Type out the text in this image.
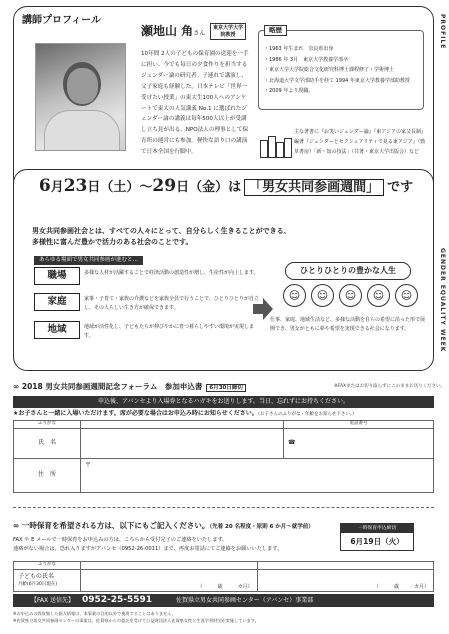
PROFILE
講師プロフィール
瀬地山 角さん
東京大学大学院教授
10年間 2人の子どもの保育園の送迎を一手に担い、今でも毎日の夕食作りを担当するジェンダー論の研究者。子連れで講演し、父子家庭も経験した。日本テレビ「世界一受けたい授業」の東大生100人へのアンケートで東大の人気講義 No.1 に選ばれたジェンダー論の講義は毎年500人以上が受講し立ち見が出る。NPO法人の理事として保育所の運営にも参加。軽快な語り口の講演で日本全国を行脚中。
略歴
・1963 年生まれ　奈良県出身
・1986 年 3月　東京大学教養学部卒
・東京大学大学院総合文化研究科博士課程修了・学術博士
・北海道大学文学部助手を経て 1994 年東京大学教養学部助教授
・2009 年より現職。
主な著書に『お笑いジェンダー論』『東アジアの家父長制』編著『ジェンダーとセクシュアリティで見る東アジア』（勁草書房）「新・知の技法」（共著・東京大学出版会）など
GENDER EQUALITY WEEK
6月23日（土）〜29日（金）は 「男女共同参画週間」 です
男女共同参画社会とは、すべての人々にとって、自分らしく生きることができる、
多様性に富んだ豊かで活力のある社会のことです。
あらゆる場面で男女共同参画が進むと…
職場	多様な人材が活躍することで経済活動の創造性が増し、生産性が向上します。
家庭	家事・子育て・家族の介護などを家族全員で行うことで、ひとりひとりが自立し、その人らしい生き方が確保できます。
地域	地域が活性化し、子どもたちが伸びやかに育つ暮らしやすい環境が実現します。
ひとりひとりの豊かな人生
☺	☺	☺	☺	☺
仕事、家庭、地域生活など、多様な活動を自らの希望に沿った形で展開でき、男女がともに夢や希望を実現できる社会になります。
∞ 2018 男女共同参画週間記念フォーラム　参加申込書 6月30日締切	※FAXまたはお切り取らずにこのままお送りください。
申込後、アバンセより入場券となるハガキをお送りします。当日、忘れずにお持ちください。
★お子さんと一緒に入場いただけます。席が必要な場合はお申込み時にお知らせください。（お子さんのふりがな・年齢をお知らせ下さい。）
ふりがな		電話番号
氏　名		☎
住　所	〒	
∞ 一時保育を希望される方は、以下にもご記入ください。（先着 20 名程度・原則 6 か月〜就学前）
FAX や E メールで一時保育をお申込みの方は、こちらから受付完了のご連絡をいたします。
連絡がない場合は、恐れ入りますがアバンセ（0952-26-0011）まで、再度お電話にてご連絡をお願いいたします。
一時保育申込締切
6月19日（火）
ふりがな		

子どもの氏名
月齢(6月30日現在)	（　　　歳　　　カ月）	（　　　歳　　　カ月）
【FAX 送信先】 0952-25-5591	佐賀県立男女共同参画センター（アバンセ）事業部
※お申込みの際収集した個人情報は、本事業の目的以外で使用することはありません。
※佐賀県立男女共同参画センターの事業は、佐賀県からの委託を受けて公益財団法人佐賀県女性と生涯学習財団が実施しています。
